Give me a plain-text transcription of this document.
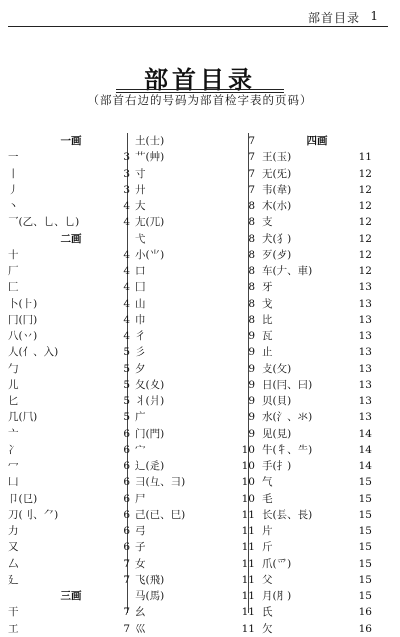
部首目录 1
部首目录
（部首右边的号码为部首检字表的页码）
一画
一	3
丨	3
丿	3
丶	4
乛(乙、乚、乚)	4
二画
十	4
厂	4
匚	4
卜(⺊)	4
冂(冂)	4
八(丷)	4
人(亻、入)	5
勹	5
儿	5
匕	5
几(⺇)	5
亠	6
冫	6
冖	6
凵	6
卩(㔾)	6
刀(刂、⺈)	6
力	6
又	6
厶	7
廴	7
三画
干	7
工	7
土(士)	7
艹(艸)	7
寸	7
廾	7
大	8
尢(兀)	8
弋	8
小(⺌)	8
口	8
囗	8
山	8
巾	8
彳	9
彡	9
夕	9
夂(夊)	9
丬(爿)	9
广	9
门(門)	9
宀	10
辶(辵)	10
彐(彑、⺕)	10
尸	10
己(已、巳)	11
弓	11
子	11
女	11
飞(飛)	11
马(馬)	11
幺	11
巛	11
四画
王(玉)	11
无(旡)	12
韦(韋)	12
木(朩)	12
支	12
犬(犭)	12
歹(歺)	12
车(𠂇、車)	12
牙	13
戈	13
比	13
瓦	13
止	13
攴(攵)	13
日(冃、曰)	13
贝(貝)	13
水(氵、氺)	13
见(見)	14
牛(牜、⺧)	14
手(扌)	14
气	15
毛	15
长(镸、長)	15
片	15
斤	15
爪(爫)	15
父	15
月(⺼)	15
氏	16
欠	16
